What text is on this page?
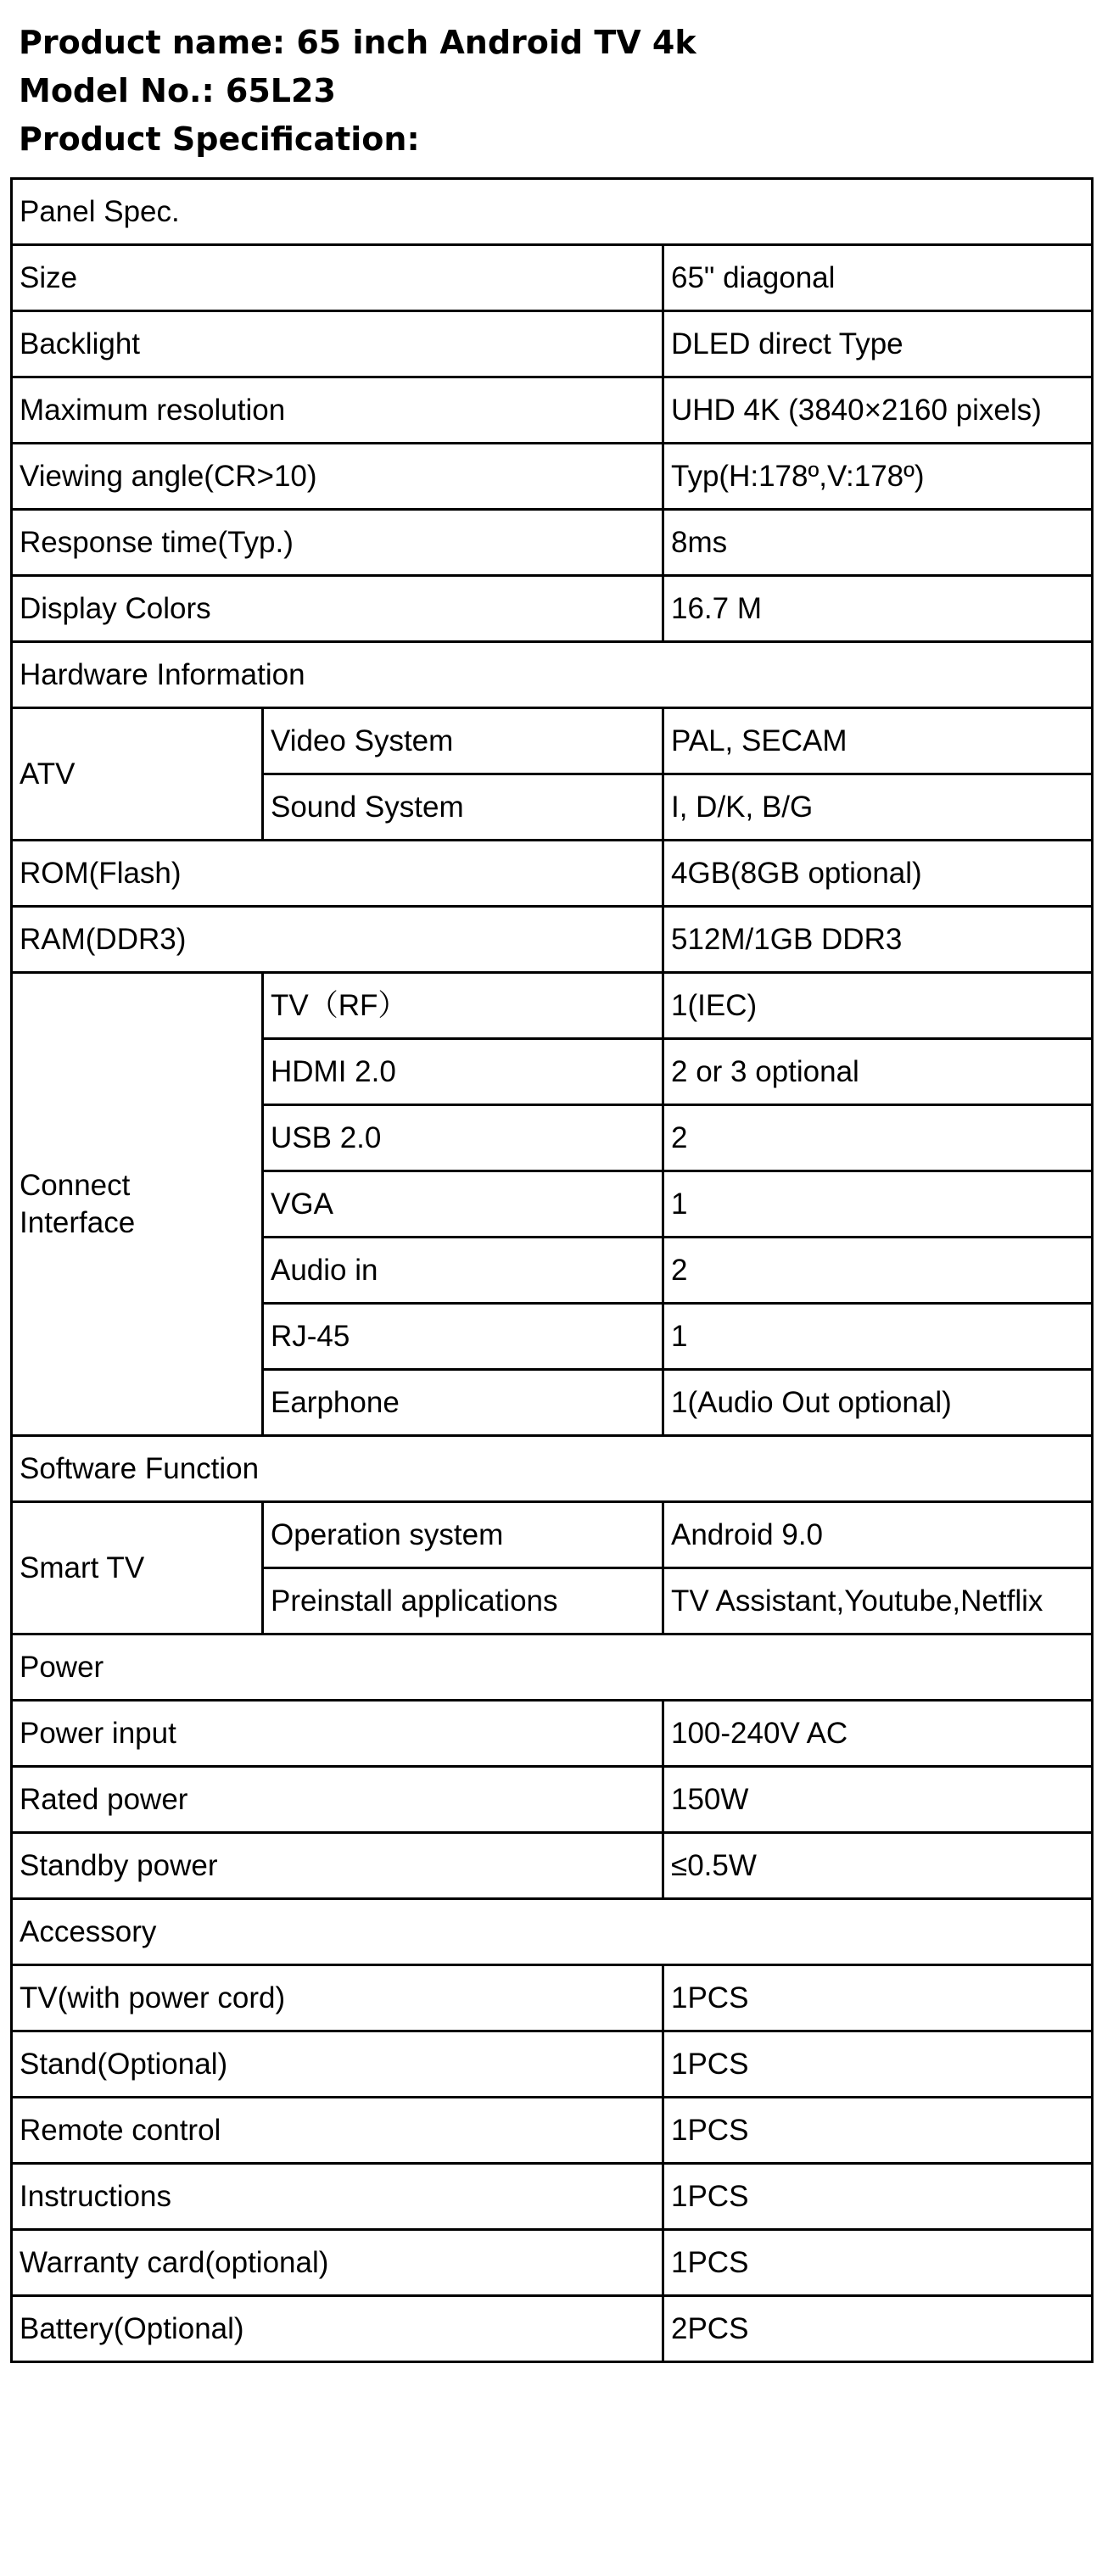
Product name: 65 inch Android TV 4k
Model No.: 65L23
Product Specification:
Panel Spec.		
Size		65" diagonal
Backlight		DLED direct Type
Maximum resolution		UHD 4K (3840×2160 pixels)
Viewing angle(CR>10)		Typ(H:178º,V:178º)
Response time(Typ.)		8ms
Display Colors		16.7 M
Hardware Information		
ATV	Video System	PAL, SECAM
	Sound System	I, D/K, B/G
ROM(Flash)		4GB(8GB optional)
RAM(DDR3)		512M/1GB DDR3

Connect
Interface	TV（RF）	1(IEC)
	HDMI 2.0	2 or 3 optional
	USB 2.0	2
	VGA	1
	Audio in	2
	RJ-45	1
	Earphone	1(Audio Out optional)
Software Function		
Smart TV	Operation system	Android 9.0
	Preinstall applications	TV Assistant,Youtube,Netflix
Power		
Power input		100-240V AC
Rated power		150W
Standby power		≤0.5W
Accessory		
TV(with power cord)		1PCS
Stand(Optional)		1PCS
Remote control		1PCS
Instructions		1PCS
Warranty card(optional)		1PCS
Battery(Optional)		2PCS
